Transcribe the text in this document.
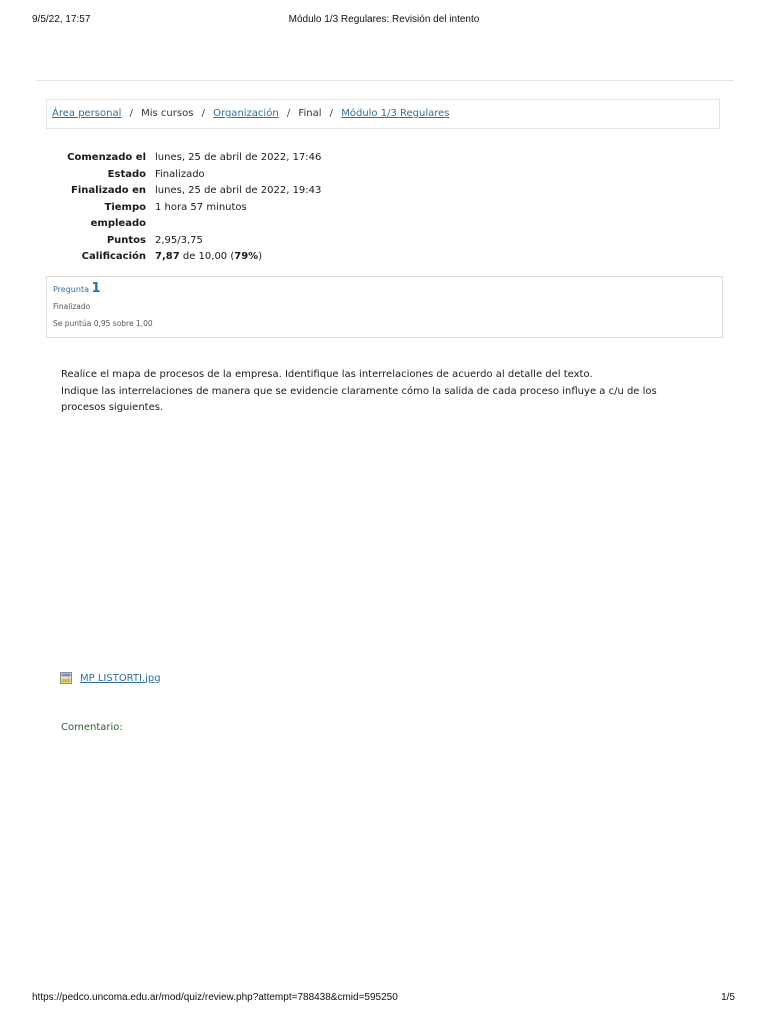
9/5/22, 17:57	Módulo 1/3 Regulares: Revisión del intento
Área personal / Mis cursos / Organización / Final / Módulo 1/3 Regulares
Comenzado el lunes, 25 de abril de 2022, 17:46
Estado Finalizado
Finalizado en lunes, 25 de abril de 2022, 19:43
Tiempo empleado
1 hora 57 minutos
Puntos 2,95/3,75
Calificación 7,87 de 10,00 (79%)
Pregunta 1
Finalizado
Se puntúa 0,95 sobre 1,00
Realice el mapa de procesos de la empresa. Identifique las interrelaciones de acuerdo al detalle del texto.
Indique las interrelaciones de manera que se evidencie claramente cómo la salida de cada proceso influye a c/u de los procesos siguientes.
MP LISTORTI.jpg
Comentario:
https://pedco.uncoma.edu.ar/mod/quiz/review.php?attempt=788438&cmid=595250	1/5
